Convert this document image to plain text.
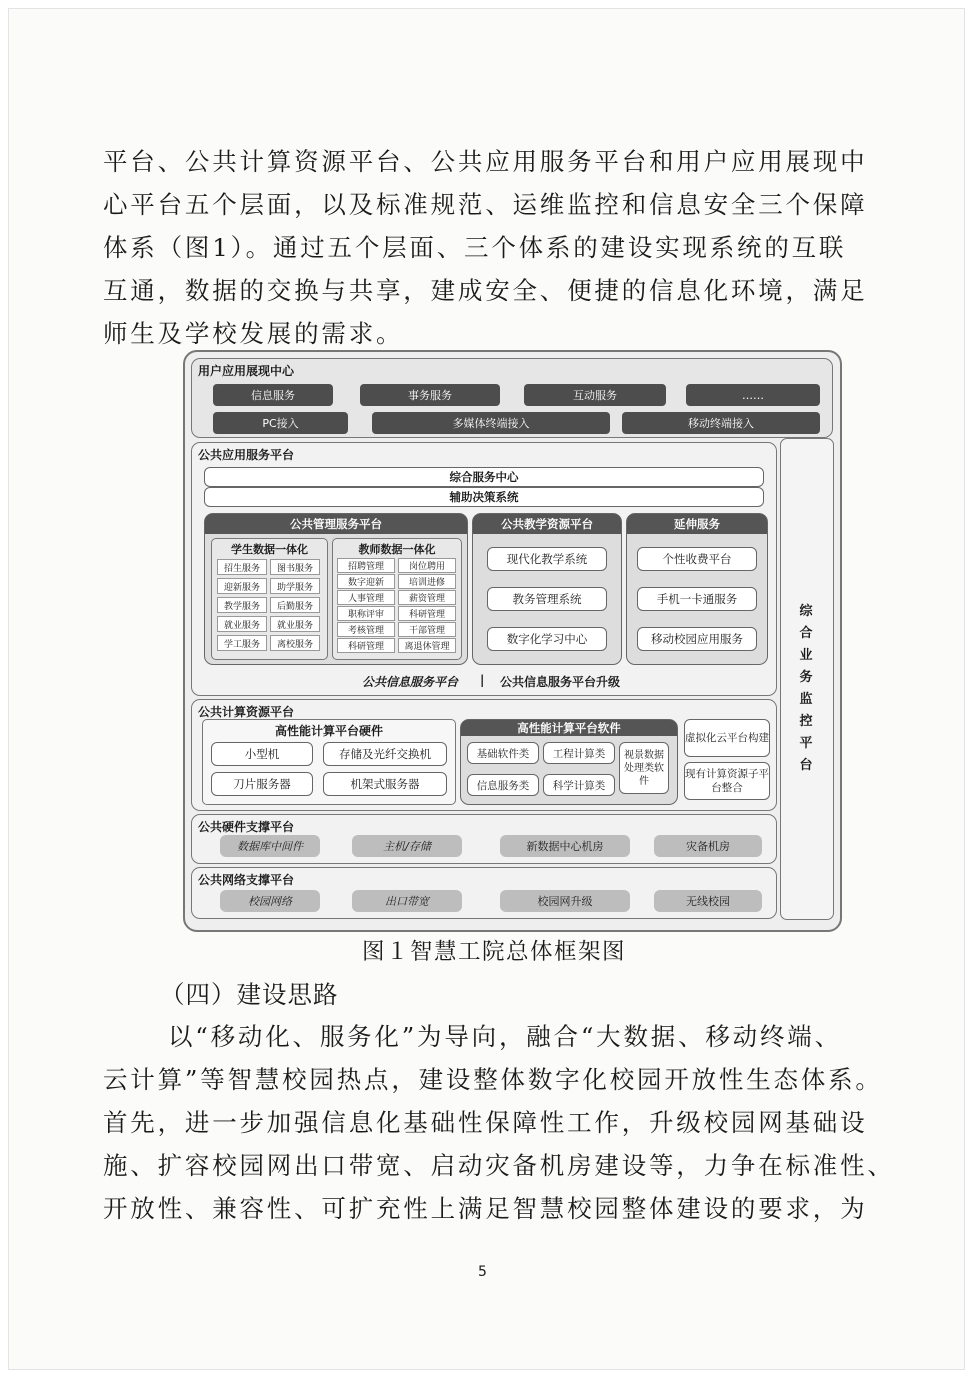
平台、公共计算资源平台、公共应用服务平台和用户应用展现中
心平台五个层面，以及标准规范、运维监控和信息安全三个保障
体系（图1）。通过五个层面、三个体系的建设实现系统的互联
互通，数据的交换与共享，建成安全、便捷的信息化环境，满足
师生及学校发展的需求。
用户应用展现中心
信息服务	事务服务	互动服务	……
PC接入	多媒体终端接入	移动终端接入
公共应用服务平台
综合服务中心
辅助决策系统
公共管理服务平台
学生数据一体化
招生服务	图书服务
迎新服务	助学服务
教学服务	后勤服务
就业服务	就业服务
学工服务	离校服务
教师数据一体化
招聘管理	岗位聘用
数字迎新	培训进修
人事管理	薪资管理
职称评审	科研管理
考核管理	干部管理
科研管理	离退休管理
公共教学资源平台
现代化教学系统
教务管理系统
数字化学习中心
延伸服务
个性收费平台
手机一卡通服务
移动校园应用服务
公共信息服务平台 | 公共信息服务平台升级
公共计算资源平台
高性能计算平台硬件
小型机	存储及光纤交换机
刀片服务器	机架式服务器
高性能计算平台软件
基础软件类	工程计算类
信息服务类	科学计算类
视景数据处理类软件
虚拟化云平台构建
现有计算资源子平台整合
公共硬件支撑平台
数据库中间件	主机/存储	新数据中心机房	灾备机房
公共网络支撑平台
校园网络	出口带宽	校园网升级	无线校园
综合业务监控平台
图１智慧工院总体框架图
（四）建设思路
以“移动化、服务化”为导向，融合“大数据、移动终端、
云计算”等智慧校园热点，建设整体数字化校园开放性生态体系。
首先，进一步加强信息化基础性保障性工作，升级校园网基础设
施、扩容校园网出口带宽、启动灾备机房建设等，力争在标准性、
开放性、兼容性、可扩充性上满足智慧校园整体建设的要求，为
5
